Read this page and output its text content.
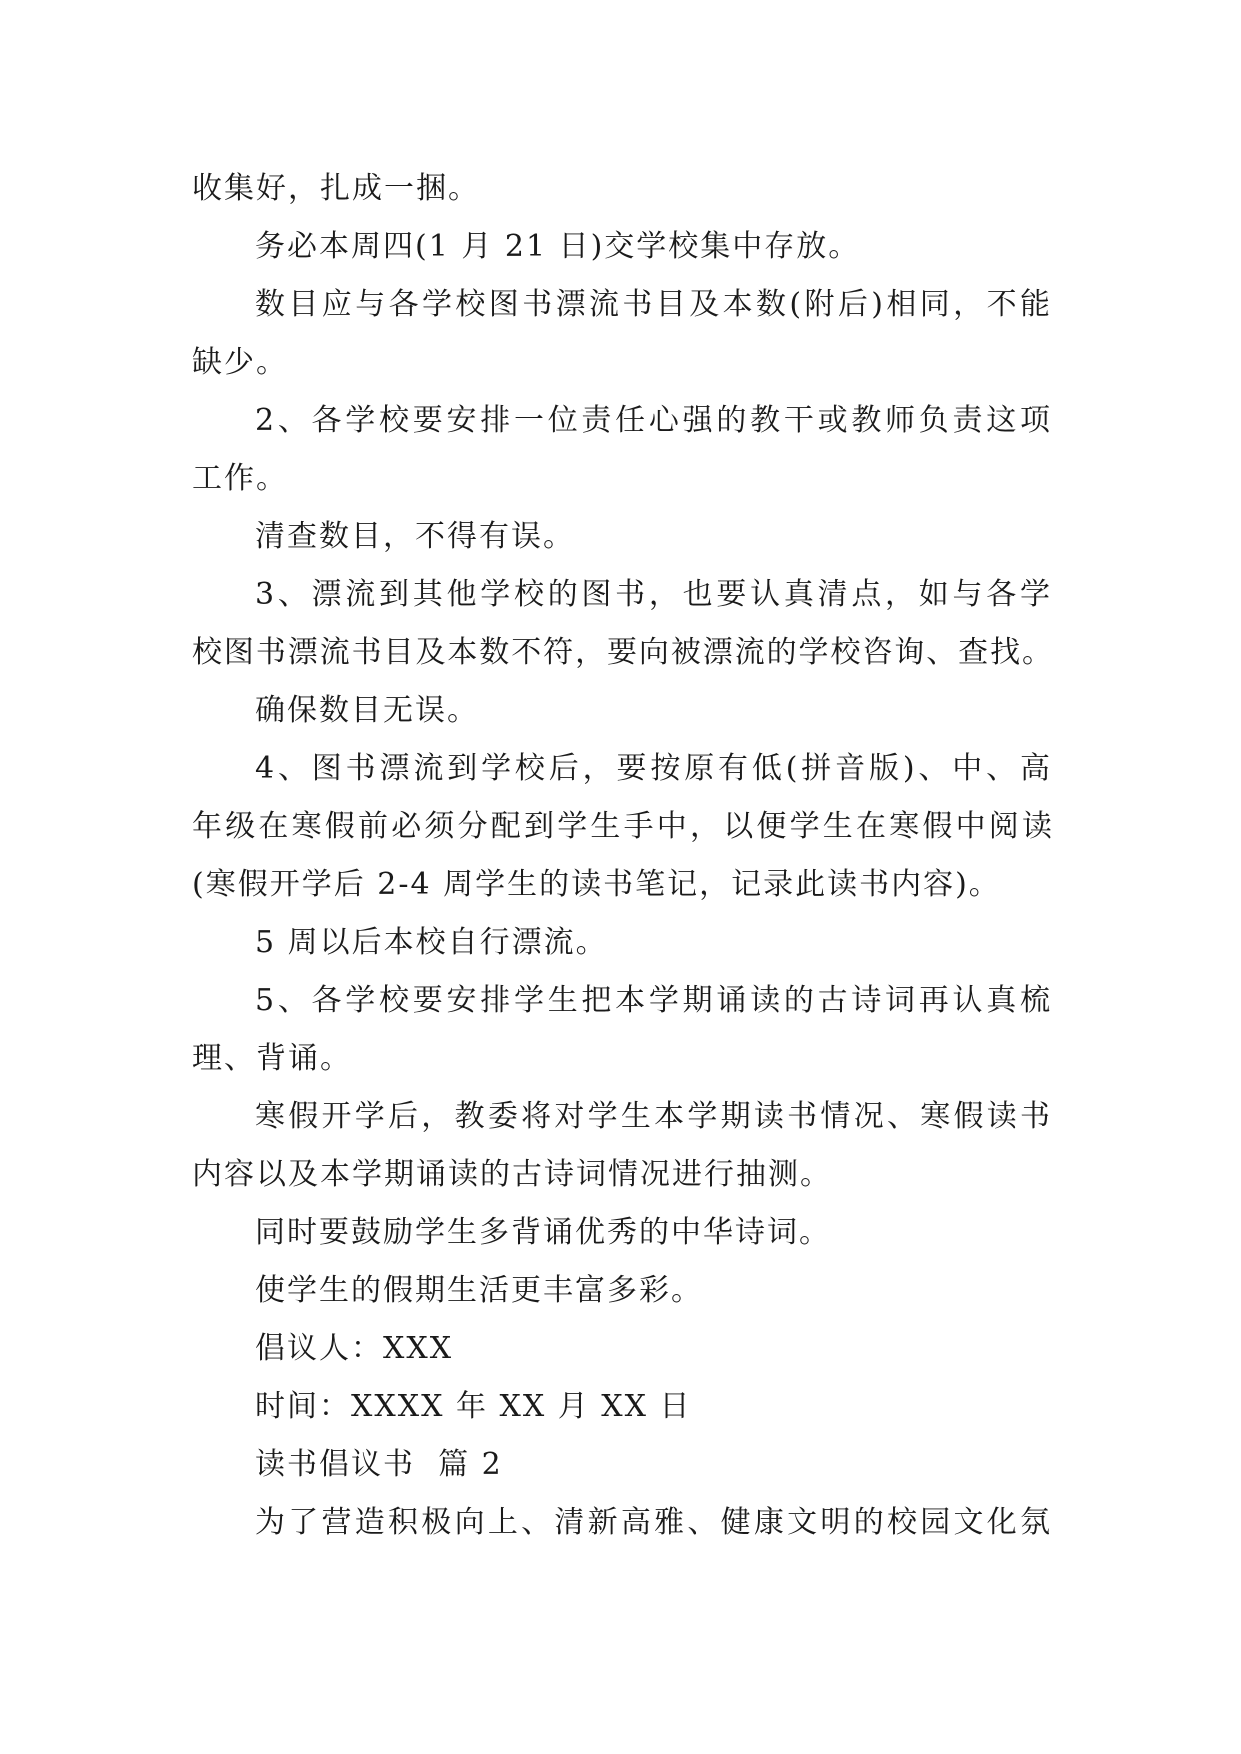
收集好，扎成一捆。
务必本周四(1 月 21 日)交学校集中存放。
数目应与各学校图书漂流书目及本数(附后)相同，不能
缺少。
2、各学校要安排一位责任心强的教干或教师负责这项
工作。
清查数目，不得有误。
3、漂流到其他学校的图书，也要认真清点，如与各学
校图书漂流书目及本数不符，要向被漂流的学校咨询、查找。
确保数目无误。
4、图书漂流到学校后，要按原有低(拼音版)、中、高
年级在寒假前必须分配到学生手中，以便学生在寒假中阅读
(寒假开学后 2-4 周学生的读书笔记，记录此读书内容)。
5 周以后本校自行漂流。
5、各学校要安排学生把本学期诵读的古诗词再认真梳
理、背诵。
寒假开学后，教委将对学生本学期读书情况、寒假读书
内容以及本学期诵读的古诗词情况进行抽测。
同时要鼓励学生多背诵优秀的中华诗词。
使学生的假期生活更丰富多彩。
倡议人：XXX
时间：XXXX 年 XX 月 XX 日
读书倡议书  篇 2
为了营造积极向上、清新高雅、健康文明的校园文化氛
